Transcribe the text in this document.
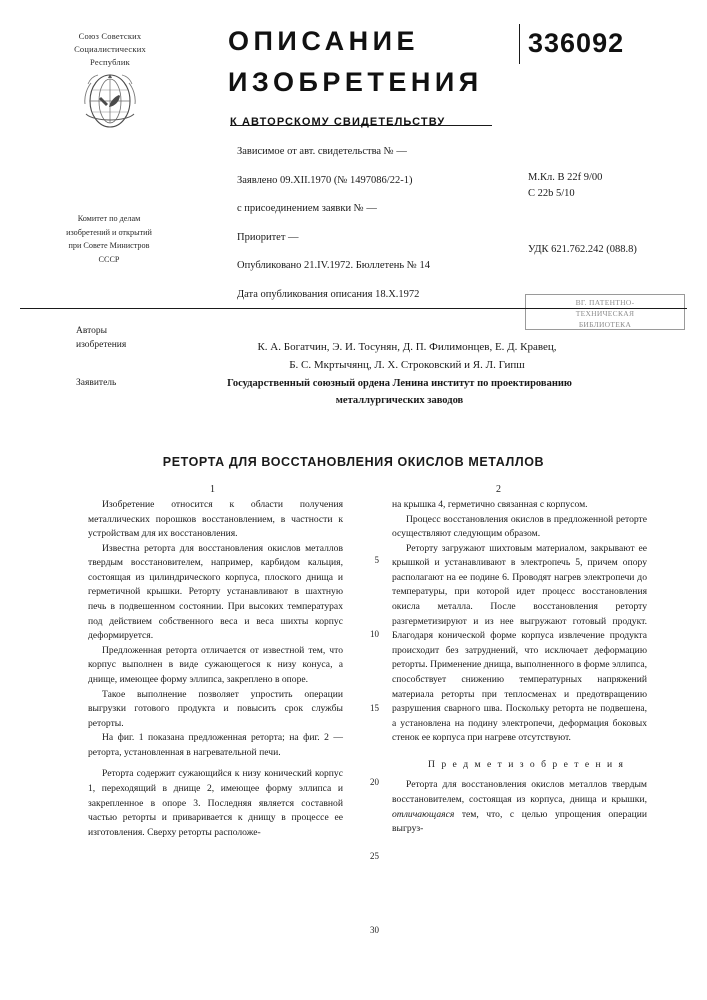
Союз Советских
Социалистических
Республик
Комитет по делам
изобретений и открытий
при Совете Министров
СССР
ОПИСАНИЕ
ИЗОБРЕТЕНИЯ
К АВТОРСКОМУ СВИДЕТЕЛЬСТВУ
336092
Зависимое от авт. свидетельства № —
Заявлено 09.XII.1970 (№ 1497086/22-1)
с присоединением заявки № —
Приоритет —
Опубликовано 21.IV.1972. Бюллетень № 14
Дата опубликования описания 18.X.1972
М.Кл. B 22f 9/00
C 22b 5/10
УДК 621.762.242 (088.8)
ВГ. ПАТЕНТНО-
ТЕХНИЧЕСКАЯ
БИБЛИОТЕКА
Авторы
изобретения	К. А. Богатчин, Э. И. Тосунян, Д. П. Филимонцев, Е. Д. Кравец,
Б. С. Мкртычянц, Л. Х. Строковский и Я. Л. Гипш
Заявитель	Государственный союзный ордена Ленина институт по проектированию
металлургических заводов
РЕТОРТА ДЛЯ ВОССТАНОВЛЕНИЯ ОКИСЛОВ МЕТАЛЛОВ
1	2
5
10
15
20
25
30

Изобретение относится к области получения металлических порошков восстановлением, в частности к устройствам для их восстановления.

Известна реторта для восстановления окислов металлов твердым восстановителем, например, карбидом кальция, состоящая из цилиндрического корпуса, плоского днища и герметичной крышки. Реторту устанавливают в шахтную печь в подвешенном состоянии. При высоких температурах под действием собственного веса и веса шихты корпус деформируется.

Предложенная реторта отличается от известной тем, что корпус выполнен в виде сужающегося к низу конуса, а днище, имеющее форму эллипса, закреплено в опоре.

Такое выполнение позволяет упростить операции выгрузки готового продукта и повысить срок службы реторты.

На фиг. 1 показана предложенная реторта; на фиг. 2 — реторта, установленная в нагревательной печи.

Реторта содержит сужающийся к низу конический корпус 1, переходящий в днище 2, имеющее форму эллипса и закрепленное в опоре 3. Последняя является составной частью реторты и приваривается к днищу в процессе ее изготовления. Сверху реторты расположе-

на крышка 4, герметично связанная с корпусом.

Процесс восстановления окислов в предложенной реторте осуществляют следующим образом.

Реторту загружают шихтовым материалом, закрывают ее крышкой и устанавливают в электропечь 5, причем опору располагают на ее подине 6. Проводят нагрев электропечи до температуры, при которой идет процесс восстановления окисла металла. После восстановления реторту разгерметизируют и из нее выгружают готовый продукт. Благодаря конической форме корпуса извлечение продукта происходит без затруднений, что исключает деформацию реторты. Применение днища, выполненного в форме эллипса, способствует снижению температурных напряжений материала реторты при теплосменах и предотвращению разрушения сварного шва. Поскольку реторта не подвешена, а установлена на подину электропечи, деформация боковых стенок ее корпуса при нагреве отсутствуют.

П р е д м е т и з о б р е т е н и я

Реторта для восстановления окислов металлов твердым восстановителем, состоящая из корпуса, днища и крышки, отличающаяся тем, что, с целью упрощения операции выгруз-
